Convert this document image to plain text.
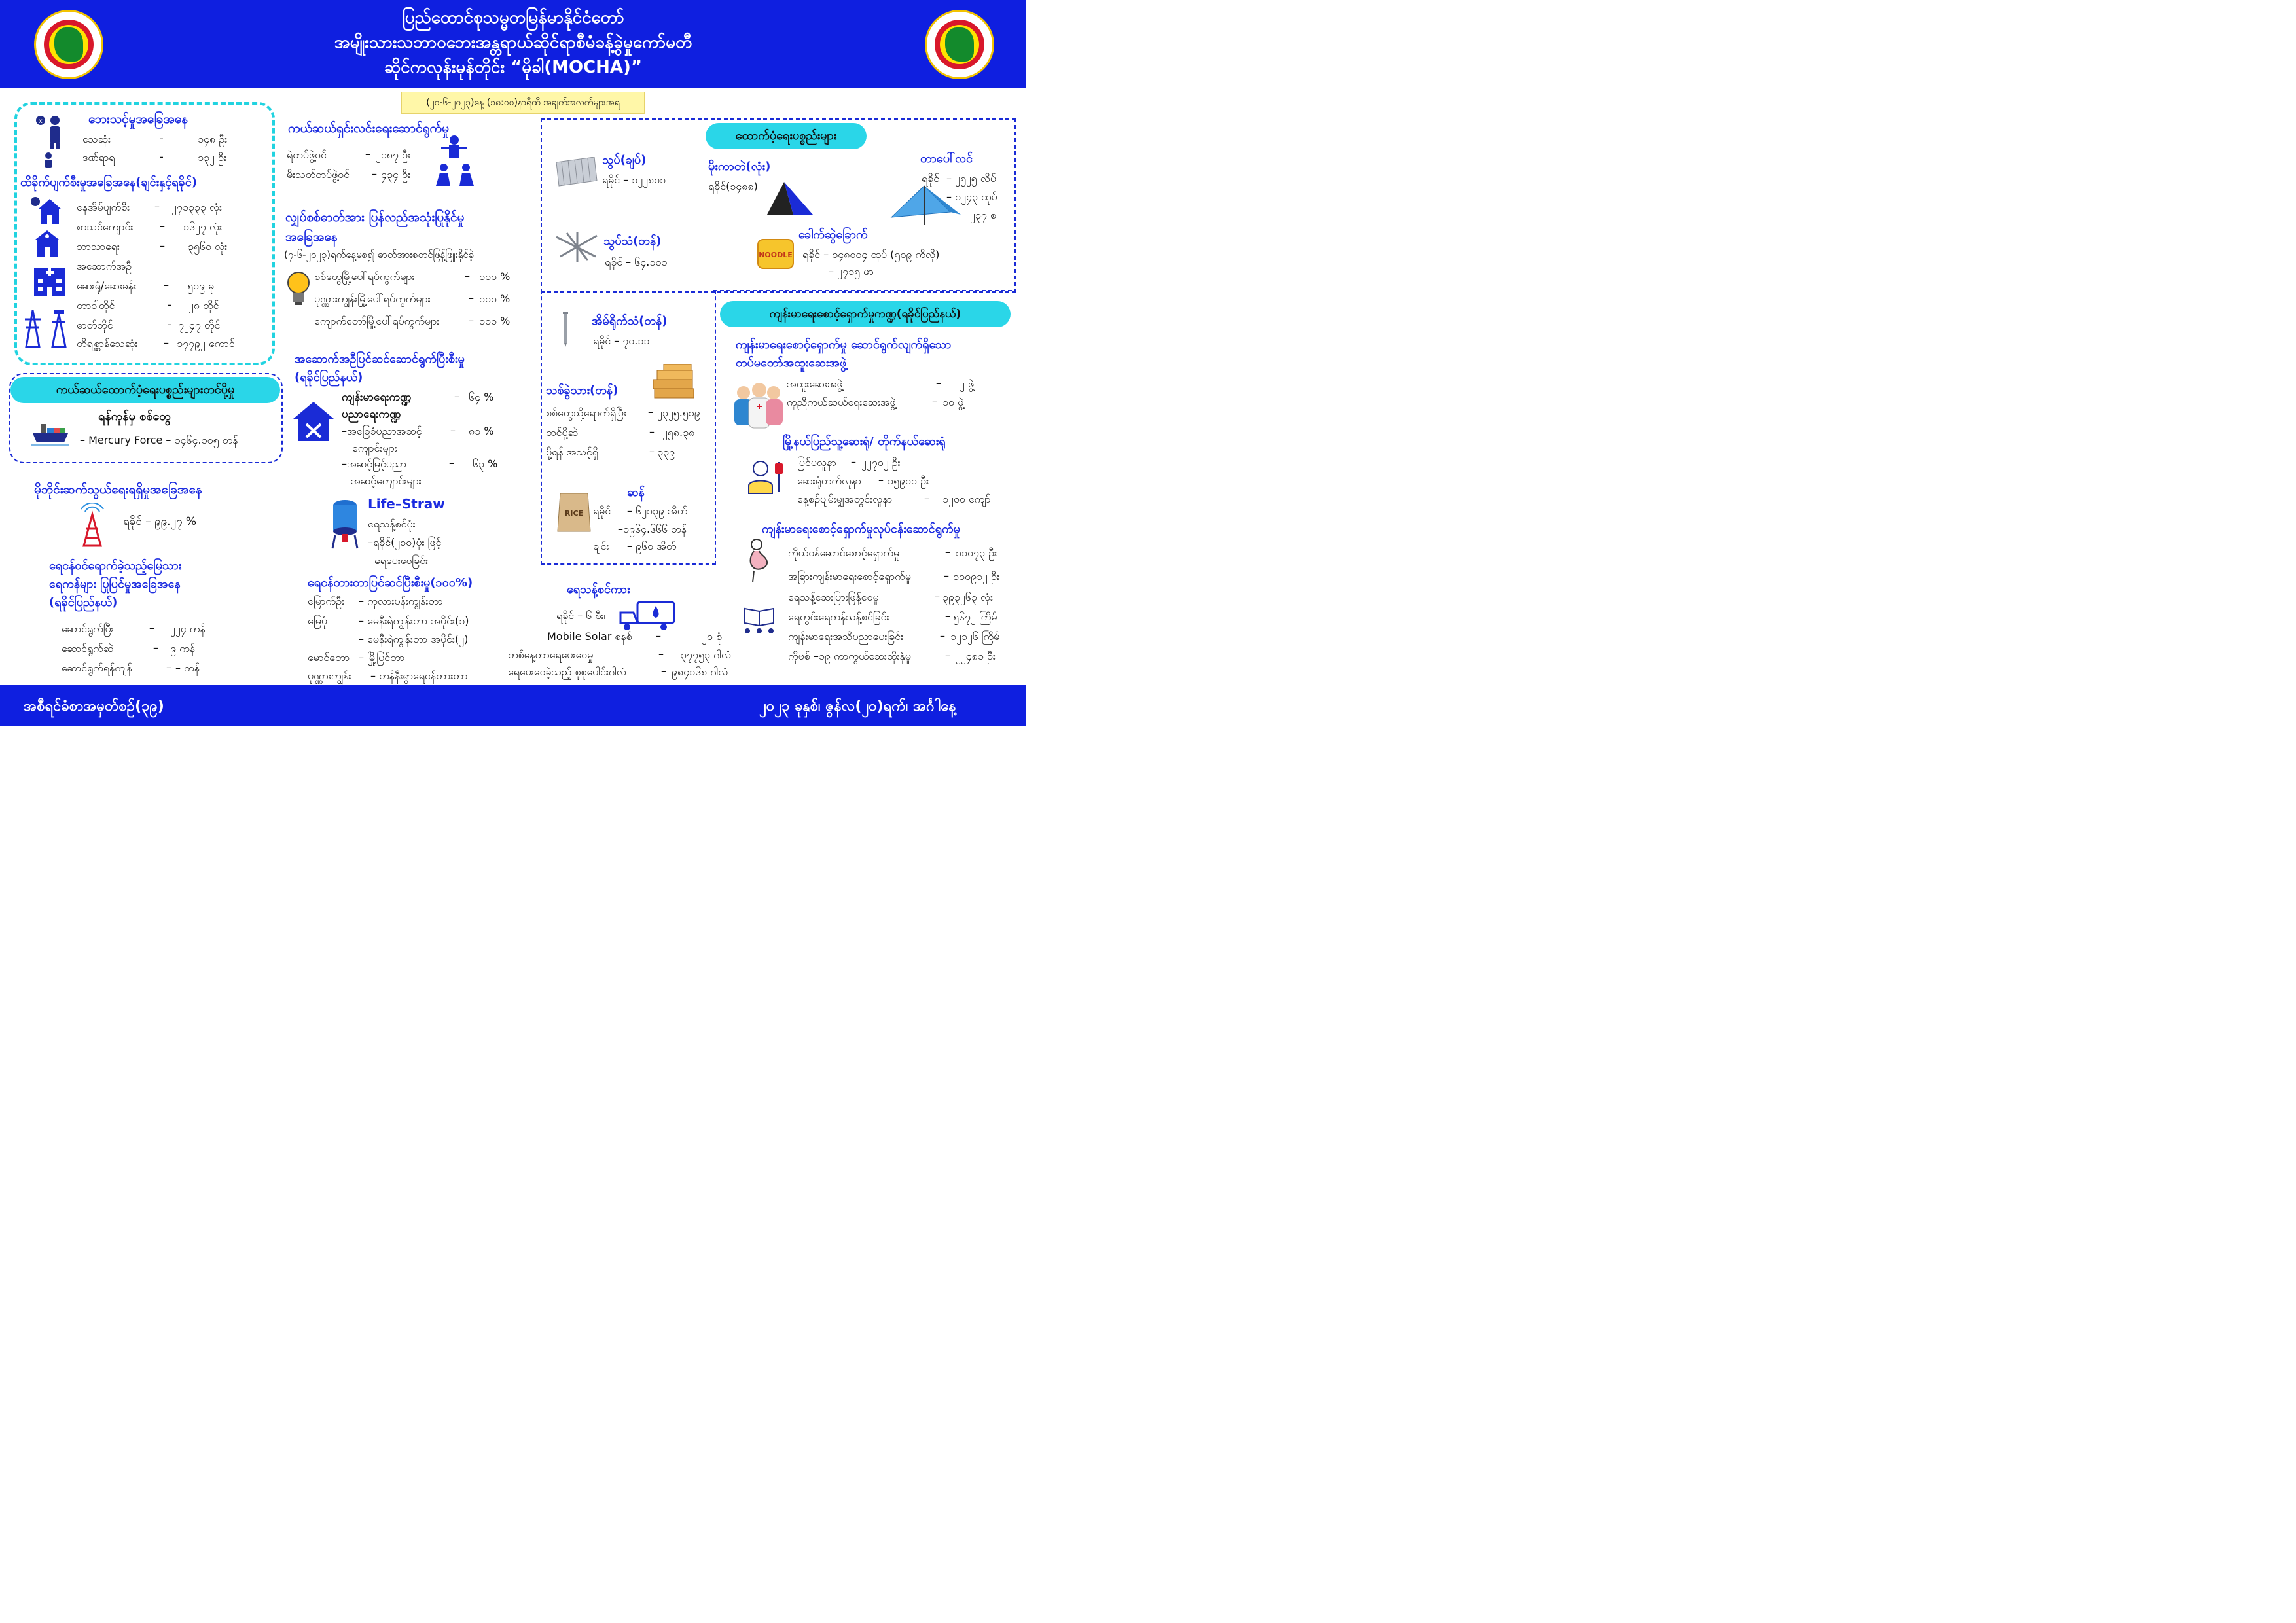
ပြည်ထောင်စုသမ္မတမြန်မာနိုင်ငံတော်
အမျိုးသားသဘာဝဘေးအန္တရာယ်ဆိုင်ရာစီမံခန့်ခွဲမှုကော်မတီ
ဆိုင်ကလုန်းမုန်တိုင်း “မိုခါ(MOCHA)”
(၂၀-၆-၂၀၂၃)နေ့ (၁၈:၀၀)နာရီထိ အချက်အလက်များအရ
x	ဘေးသင့်မှုအခြေအနေ
သေဆုံး	-	၁၄၈ ဦး
ဒဏ်ရာရ	-	၁၃၂ ဦး
ထိခိုက်ပျက်စီးမှုအခြေအနေ(ချင်းနှင့်ရခိုင်)
နေအိမ်ပျက်စီး – ၂၇၁၃၃၃ လုံး
စာသင်ကျောင်း	– ၁၆၂၇ လုံး
ဘာသာရေး	– ၃၅၆၀ လုံး
အဆောက်အဦ
ဆေးရုံ/ဆေးခန်း	– ၅၀၉ ခု
တာဝါတိုင်	- ၂၈ တိုင်
ဓာတ်တိုင်	- ၇၂၄၇ တိုင်
တိရစ္ဆာန်သေဆုံး – ၁၇၇၉၂ ကောင်
ကယ်ဆယ်ထောက်ပံ့ရေးပစ္စည်းများတင်ပို့မှု
ရန်ကုန်မှ စစ်တွေ
– Mercury Force – ၁၄၆၄.၁၀၅ တန်
မိုဘိုင်းဆက်သွယ်ရေးရရှိမှုအခြေအနေ
ရခိုင် – ၉၉.၂၇ %
ရေငန်ဝင်ရောက်ခဲ့သည့်မြေသား
ရေကန်များ ပြုပြင်မှုအခြေအနေ
(ရခိုင်ပြည်နယ်)
ဆောင်ရွက်ပြီး	– ၂၂၄ ကန်
ဆောင်ရွက်ဆဲ	– ၉ ကန်
ဆောင်ရွက်ရန်ကျန်	– – ကန်
ကယ်ဆယ်ရှင်းလင်းရေးဆောင်ရွက်မှု
ရဲတပ်ဖွဲ့ဝင်	– ၂၁၈၇ ဦး
မီးသတ်တပ်ဖွဲ့ဝင် – ၄၃၄ ဦး
လျှပ်စစ်ဓာတ်အား ပြန်လည်အသုံးပြုနိုင်မှု
အခြေအနေ
(၇-၆-၂၀၂၃)ရက်နေ့မှစ၍ ဓာတ်အားစတင်ဖြန့်ဖြူးနိုင်ခဲ့
စစ်တွေမြို့ပေါ်ရပ်ကွက်များ	– ၁၀၀ %
ပုဏ္ဏားကျွန်းမြို့ပေါ်ရပ်ကွက်များ	– ၁၀၀ %
ကျောက်တော်မြို့ပေါ်ရပ်ကွက်များ	– ၁၀၀ %
အဆောက်အဦပြင်ဆင်ဆောင်ရွက်ပြီးစီးမှု
(ရခိုင်ပြည်နယ်)
ကျန်းမာရေးကဏ္ဍ	– ၆၄ %
ပညာရေးကဏ္ဍ
–အခြေခံပညာအဆင့်	– ၈၁ %
ကျောင်းများ
–အဆင့်မြင့်ပညာ	– ၆၃ %
အဆင့်ကျောင်းများ
Life–Straw
ရေသန့်စင်ပုံး
–ရခိုင်(၂၁၀)ပုံး ဖြင့်
ရေပေးဝေခြင်း
ရေငန်တားတာပြင်ဆင်ပြီးစီးမှု(၁၀၀%)
မြောက်ဦး – ကုလားပန်းကျွန်းတာ
မြေပုံ	– မေနီးရဲကျွန်းတာ အပိုင်း(၁)
– မေနီးရဲကျွန်းတာ အပိုင်း(၂)
မောင်တော – မြို့ပြင်တာ
ပုဏ္ဏားကျွန်း – တန်နီးရွာရေငန်တားတာ
ထောက်ပံ့ရေးပစ္စည်းများ
သွပ်(ချပ်)
ရခိုင် – ၁၂၂၈၀၁
သွပ်သံ(တန်)
ရခိုင် – ၆၄.၁၀၁
အိမ်ရိုက်သံ(တန်)
ရခိုင် – ၇၀.၁၁
သစ်ခွဲသား(တန်)
စစ်တွေသို့ရောက်ရှိပြီး – ၂၃၂၅.၅၁၉
တင်ပို့ဆဲ	– ၂၅၈.၃၈
ပို့ရန် အသင့်ရှိ	– ၃၃၉
RICE
ဆန်
ရခိုင် – ၆၂၁၃၉ အိတ်
–၁၉၆၄.၆၆၆ တန်
ချင်း – ၉၆၀ အိတ်
မိုးကာတဲ(လုံး)
ရခိုင်(၁၄၈၈)
တာပေါ်လင်
ရခိုင် – ၂၅၂၅ လိပ်
– ၁၂၄၃ ထုပ်
၂၃၇ စ
NOODLE
ခေါက်ဆွဲခြောက်
ရခိုင် – ၁၄၈၀၀၄ ထုပ် (၅၀၉ ကီလို)
– ၂၇၁၅ ဖာ
ရေသန့်စင်ကား
ရခိုင် – ၆ စီး၊
Mobile Solar စနစ် –	၂၀ စုံ
တစ်နေ့တာရေပေးဝေမှု	– ၃၇၇၅၃ ဂါလံ
ရေပေးဝေခဲ့သည့် စုစုပေါင်းဂါလံ	– ၉၈၄၁၆၈ ဂါလံ
ကျန်းမာရေးစောင့်ရှောက်မှုကဏ္ဍ(ရခိုင်ပြည်နယ်)
ကျန်းမာရေးစောင့်ရှောက်မှု ဆောင်ရွက်လျက်ရှိသော
တပ်မတော်အထူးဆေးအဖွဲ့
အထူးဆေးအဖွဲ့	– ၂ ဖွဲ့
ကူညီကယ်ဆယ်ရေးဆေးအဖွဲ့	– ၁၀ ဖွဲ့
မြို့နယ်ပြည်သူ့ဆေးရုံ/ တိုက်နယ်ဆေးရုံ
ပြင်ပလူနာ – ၂၂၇၀၂ ဦး
ဆေးရုံတက်လူနာ – ၁၅၉၀၁ ဦး
နေ့စဉ်ပျမ်းမျှအတွင်းလူနာ	– ၁၂၀၀ ကျော်
ကျန်းမာရေးစောင့်ရှောက်မှုလုပ်ငန်းဆောင်ရွက်မှု
ကိုယ်ဝန်ဆောင်စောင့်ရှောက်မှု	– ၁၁၀၇၃ ဦး
အခြားကျန်းမာရေးစောင့်ရှောက်မှု	– ၁၁၀၉၁၂ ဦး
ရေသန့်ဆေးပြားဖြန့်ဝေမှု	– ၃၉၃၂၆၃ လုံး
ရေတွင်းရေကန်သန့်စင်ခြင်း	– ၅၆၇၂ ကြိမ်
ကျန်းမာရေးအသိပညာပေးခြင်း	– ၁၂၁၂၆ ကြိမ်
ကိုဗစ် –၁၉ ကာကွယ်ဆေးထိုးနှံမှု	– ၂၂၄၈၁ ဦး
အစီရင်ခံစာအမှတ်စဉ်(၃၉)	၂၀၂၃ ခုနှစ်၊ ဇွန်လ(၂၀)ရက်၊ အင်္ဂါနေ့
